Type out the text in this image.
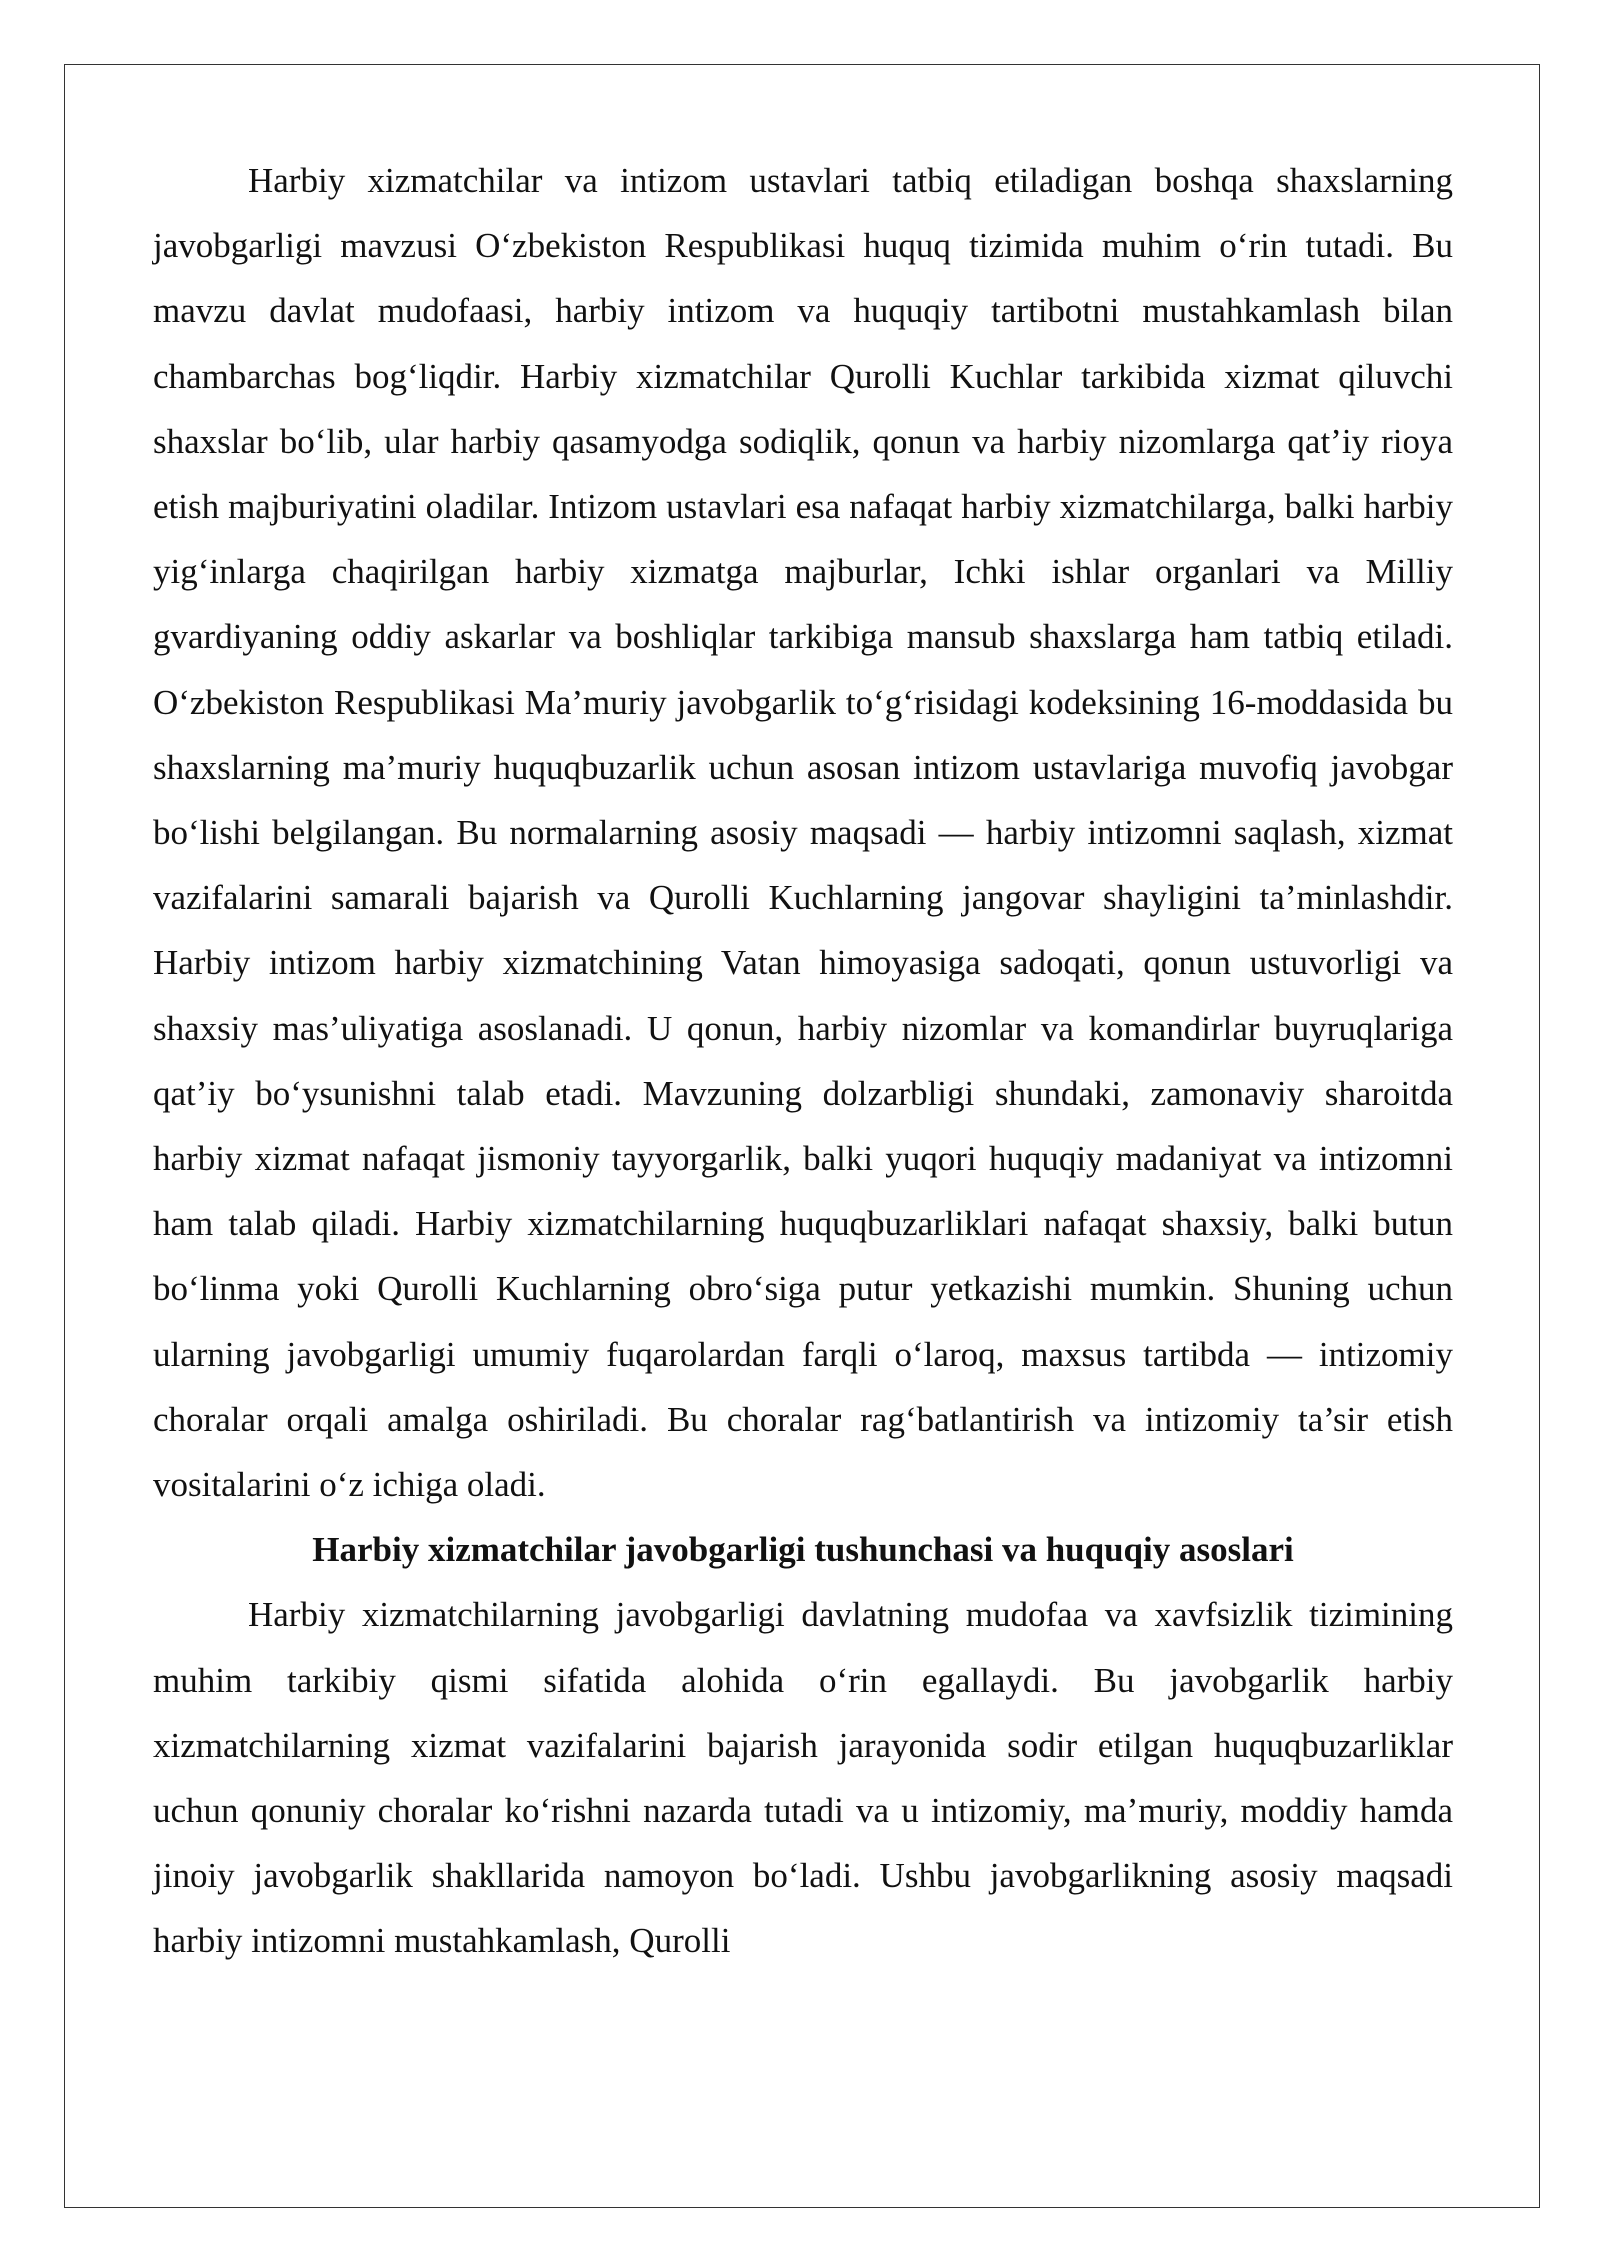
Harbiy xizmatchilar va intizom ustavlari tatbiq etiladigan boshqa shaxslarning javobgarligi mavzusi O‘zbekiston Respublikasi huquq tizimida muhim o‘rin tutadi. Bu mavzu davlat mudofaasi, harbiy intizom va huquqiy tartibotni mustahkamlash bilan chambarchas bog‘liqdir. Harbiy xizmatchilar Qurolli Kuchlar tarkibida xizmat qiluvchi shaxslar bo‘lib, ular harbiy qasamyodga sodiqlik, qonun va harbiy nizomlarga qat’iy rioya etish majburiyatini oladilar. Intizom ustavlari esa nafaqat harbiy xizmatchilarga, balki harbiy yig‘inlarga chaqirilgan harbiy xizmatga majburlar, Ichki ishlar organlari va Milliy gvardiyaning oddiy askarlar va boshliqlar tarkibiga mansub shaxslarga ham tatbiq etiladi. O‘zbekiston Respublikasi Ma’muriy javobgarlik to‘g‘risidagi kodeksining 16-moddasida bu shaxslarning ma’muriy huquqbuzarlik uchun asosan intizom ustavlariga muvofiq javobgar bo‘lishi belgilangan. Bu normalarning asosiy maqsadi — harbiy intizomni saqlash, xizmat vazifalarini samarali bajarish va Qurolli Kuchlarning jangovar shayligini ta’minlashdir. Harbiy intizom harbiy xizmatchining Vatan himoyasiga sadoqati, qonun ustuvorligi va shaxsiy mas’uliyatiga asoslanadi. U qonun, harbiy nizomlar va komandirlar buyruqlariga qat’iy bo‘ysunishni talab etadi. Mavzuning dolzarbligi shundaki, zamonaviy sharoitda harbiy xizmat nafaqat jismoniy tayyorgarlik, balki yuqori huquqiy madaniyat va intizomni ham talab qiladi. Harbiy xizmatchilarning huquqbuzarliklari nafaqat shaxsiy, balki butun bo‘linma yoki Qurolli Kuchlarning obro‘siga putur yetkazishi mumkin. Shuning uchun ularning javobgarligi umumiy fuqarolardan farqli o‘laroq, maxsus tartibda — intizomiy choralar orqali amalga oshiriladi. Bu choralar rag‘batlantirish va intizomiy ta’sir etish vositalarini o‘z ichiga oladi.

Harbiy xizmatchilar javobgarligi tushunchasi va huquqiy asoslari

Harbiy xizmatchilarning javobgarligi davlatning mudofaa va xavfsizlik tizimining muhim tarkibiy qismi sifatida alohida o‘rin egallaydi. Bu javobgarlik harbiy xizmatchilarning xizmat vazifalarini bajarish jarayonida sodir etilgan huquqbuzarliklar uchun qonuniy choralar ko‘rishni nazarda tutadi va u intizomiy, ma’muriy, moddiy hamda jinoiy javobgarlik shakllarida namoyon bo‘ladi. Ushbu javobgarlikning asosiy maqsadi harbiy intizomni mustahkamlash, Qurolli
